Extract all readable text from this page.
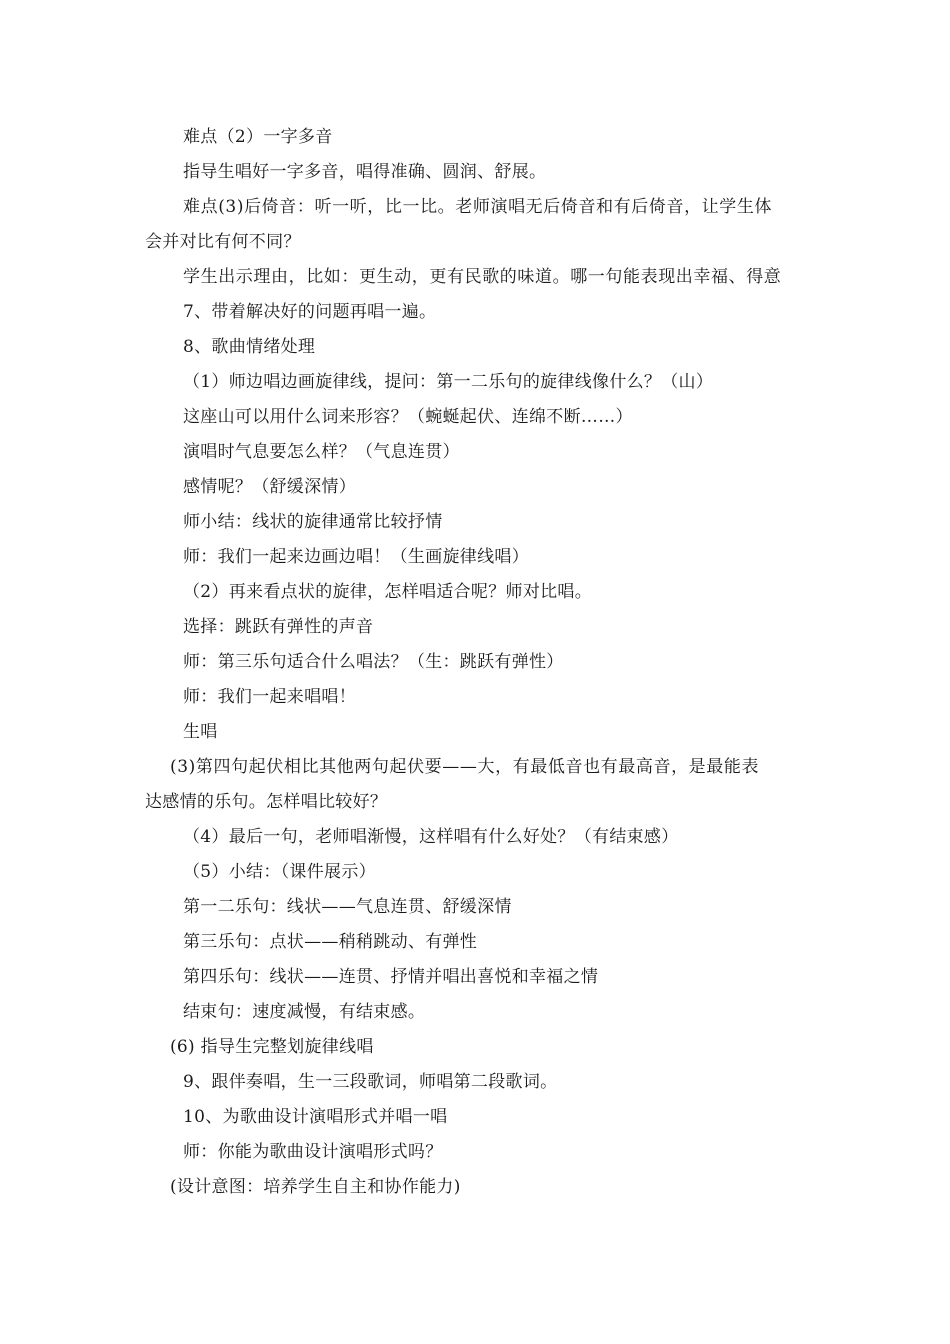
难点（2）一字多音
指导生唱好一字多音，唱得准确、圆润、舒展。
难点(3)后倚音：听一听，比一比。老师演唱无后倚音和有后倚音，让学生体
会并对比有何不同？
学生出示理由，比如：更生动，更有民歌的味道。哪一句能表现出幸福、得意
7、带着解决好的问题再唱一遍。
8、歌曲情绪处理
（1）师边唱边画旋律线，提问：第一二乐句的旋律线像什么？（山）
这座山可以用什么词来形容？（蜿蜒起伏、连绵不断……）
演唱时气息要怎么样？（气息连贯）
感情呢？（舒缓深情）
师小结：线状的旋律通常比较抒情
师：我们一起来边画边唱！（生画旋律线唱）
（2）再来看点状的旋律，怎样唱适合呢？师对比唱。
选择：跳跃有弹性的声音
师：第三乐句适合什么唱法？（生：跳跃有弹性）
师：我们一起来唱唱！
生唱
(3)第四句起伏相比其他两句起伏要——大，有最低音也有最高音，是最能表
达感情的乐句。怎样唱比较好？
（4）最后一句，老师唱渐慢，这样唱有什么好处？（有结束感）
（5）小结：（课件展示）
第一二乐句：线状——气息连贯、舒缓深情
第三乐句：点状——稍稍跳动、有弹性
第四乐句：线状——连贯、抒情并唱出喜悦和幸福之情
结束句：速度减慢，有结束感。
(6) 指导生完整划旋律线唱
9、跟伴奏唱，生一三段歌词，师唱第二段歌词。
10、为歌曲设计演唱形式并唱一唱
师：你能为歌曲设计演唱形式吗？
(设计意图：培养学生自主和协作能力)
